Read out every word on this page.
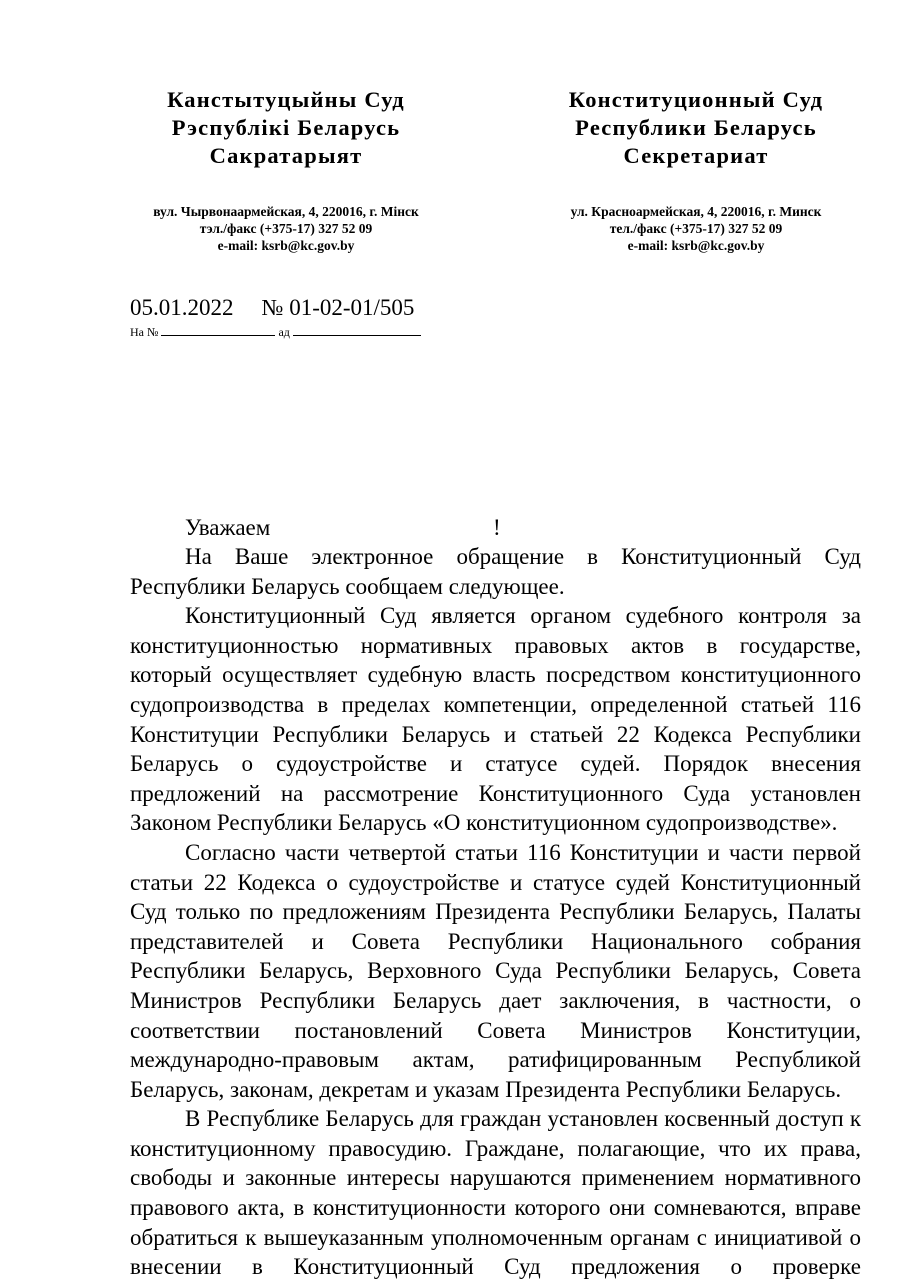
Канстытуцыйны Суд
Рэспублікі Беларусь
Сакратарыят
вул. Чырвонаармейская, 4, 220016, г. Мінск
тэл./факс (+375-17) 327 52 09
e-mail: ksrb@kc.gov.by
Конституционный Суд
Республики Беларусь
Секретариат
ул. Красноармейская, 4, 220016, г. Минск
тел./факс (+375-17) 327 52 09
e-mail: ksrb@kc.gov.by
05.01.2022 № 01-02-01/505
На №	ад
Уважаем	!

На Ваше электронное обращение в Конституционный Суд Республики Беларусь сообщаем следующее.

Конституционный Суд является органом судебного контроля за конституционностью нормативных правовых актов в государстве, который осуществляет судебную власть посредством конституционного судопроизводства в пределах компетенции, определенной статьей 116 Конституции Республики Беларусь и статьей 22 Кодекса Республики Беларусь о судоустройстве и статусе судей. Порядок внесения предложений на рассмотрение Конституционного Суда установлен Законом Республики Беларусь «О конституционном судопроизводстве».

Согласно части четвертой статьи 116 Конституции и части первой статьи 22 Кодекса о судоустройстве и статусе судей Конституционный Суд только по предложениям Президента Республики Беларусь, Палаты представителей и Совета Республики Национального собрания Республики Беларусь, Верховного Суда Республики Беларусь, Совета Министров Республики Беларусь дает заключения, в частности, о соответствии постановлений Совета Министров Конституции, международно-правовым актам, ратифицированным Республикой Беларусь, законам, декретам и указам Президента Республики Беларусь.

В Республике Беларусь для граждан установлен косвенный доступ к конституционному правосудию. Граждане, полагающие, что их права, свободы и законные интересы нарушаются применением нормативного правового акта, в конституционности которого они сомневаются, вправе обратиться к вышеуказанным уполномоченным органам с инициативой о внесении в Конституционный Суд предложения о проверке
